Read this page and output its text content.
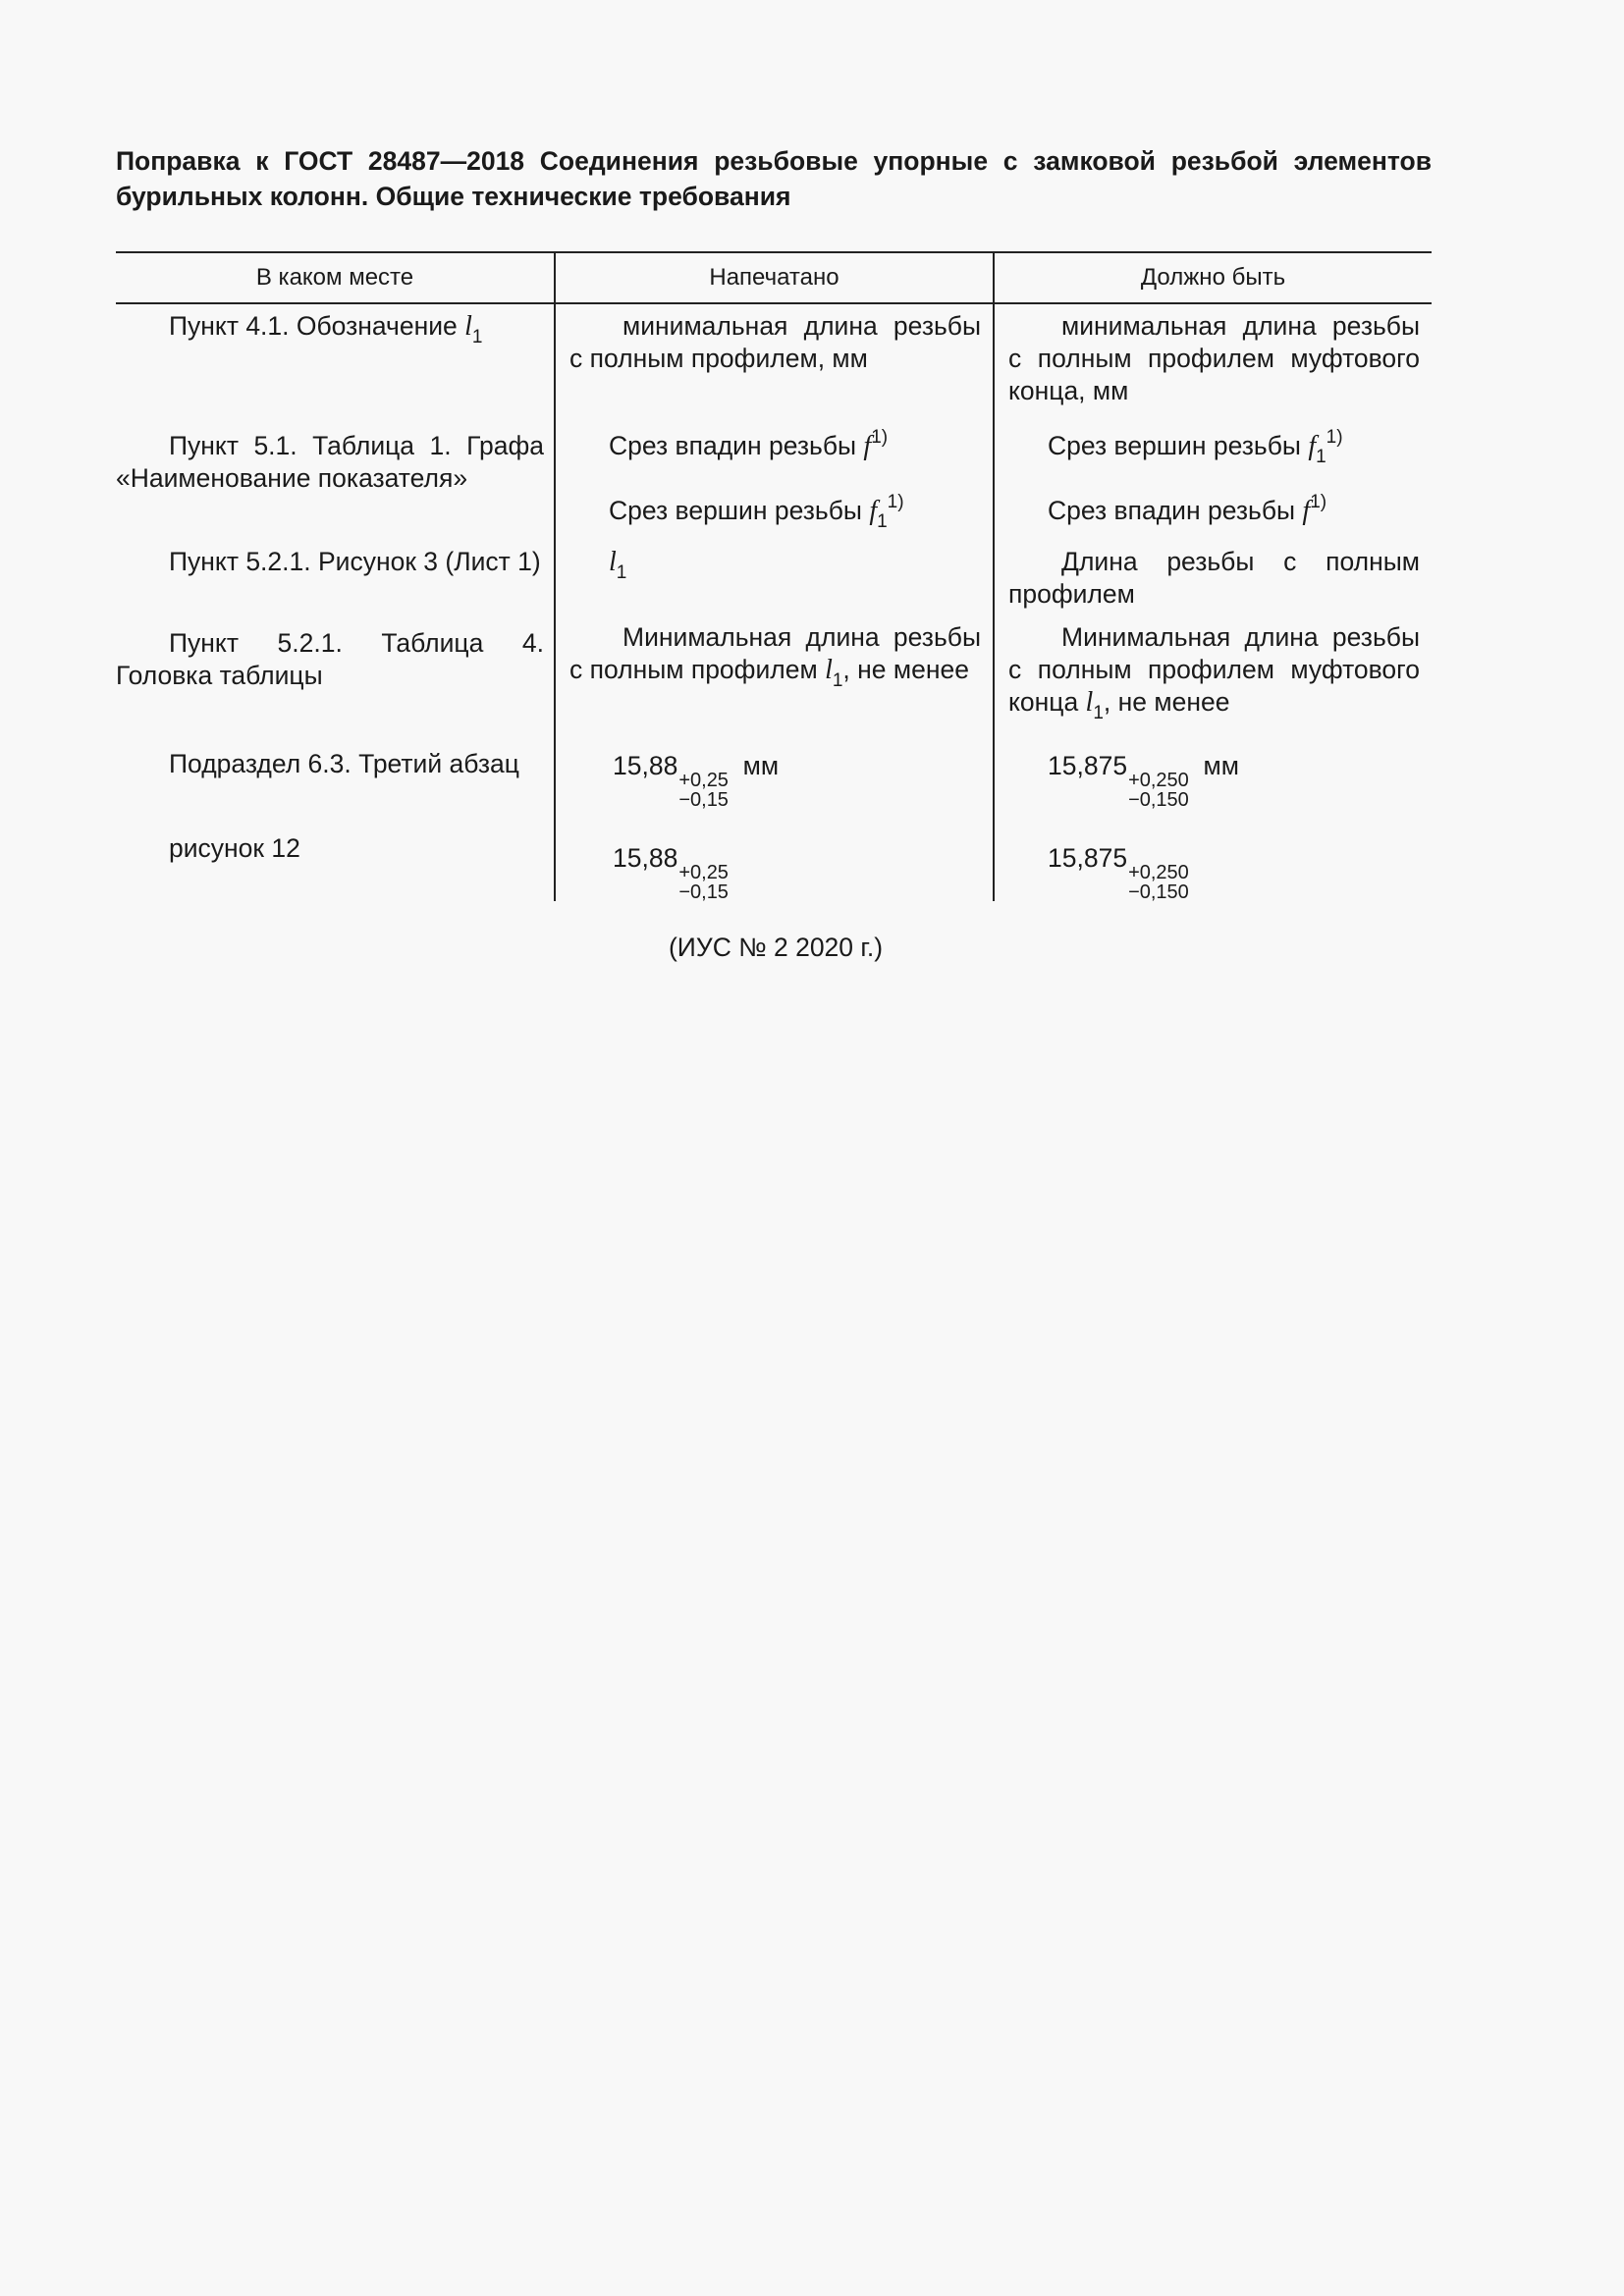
Поправка к ГОСТ 28487—2018 Соединения резьбовые упорные с замковой резьбой элементов бурильных колонн. Общие технические требования
В каком месте	Напечатано	Должно быть
Пункт 4.1. Обозначение $l_1$
Пункт 5.1. Таблица 1. Графа «Наименование показателя»
Пункт 5.2.1. Рисунок 3 (Лист 1)
Пункт 5.2.1. Таблица 4. Головка таблицы
Подраздел 6.3. Третий абзац
рисунок 12
минимальная длина резьбы с полным профилем, мм
Срез впадин резьбы $f^{1)}$
Срез вершин резьбы $f_1^{1)}$
$l_1$
Минимальная длина резьбы с полным профилем $l_1$, не менее
15,88 +0,25
−0,15
мм
15,88 +0,25
−0,15
минимальная длина резьбы с полным профилем муфтового конца, мм
Срез вершин резьбы $f_1^{1)}$
Срез впадин резьбы $f^{1)}$
Длина резьбы с полным профилем
Минимальная длина резьбы с полным профилем муфтового конца $l_1$, не менее
15,875 +0,250
−0,150
мм
15,875 +0,250
−0,150
(ИУС № 2 2020 г.)
